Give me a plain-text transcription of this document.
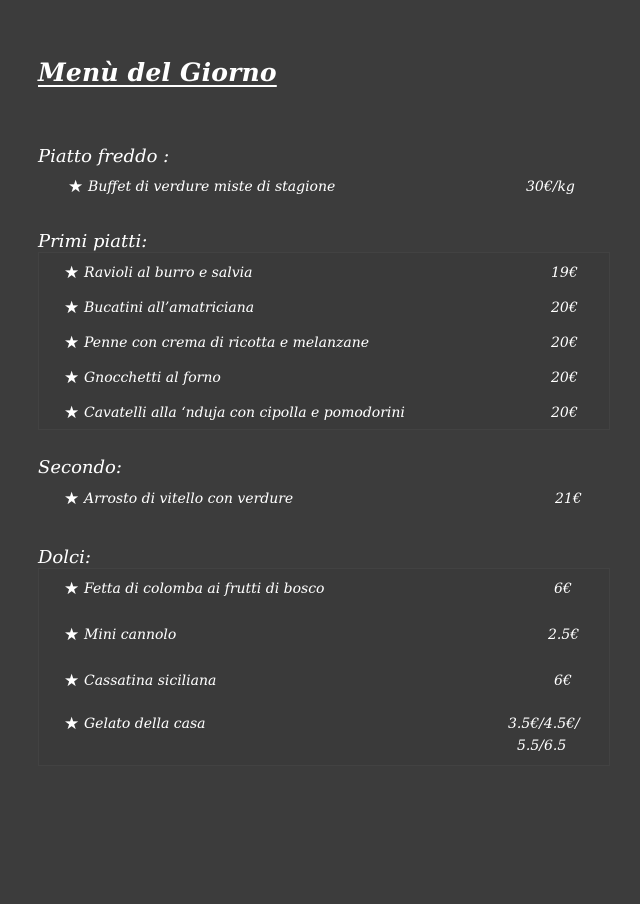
Menù del Giorno
Piatto freddo :
★ Buffet di verdure miste di stagione	30€/kg
Primi piatti:
★ Ravioli al burro e salvia	19€
★ Bucatini all’amatriciana	20€
★ Penne con crema di ricotta e melanzane	20€
★ Gnocchetti al forno	20€
★ Cavatelli alla ‘nduja con cipolla e pomodorini	20€
Secondo:
★ Arrosto di vitello con verdure	21€
Dolci:
★ Fetta di colomba ai frutti di bosco	6€
★ Mini cannolo	2.5€
★ Cassatina siciliana	6€
★ Gelato della casa	3.5€/4.5€/
5.5/6.5
